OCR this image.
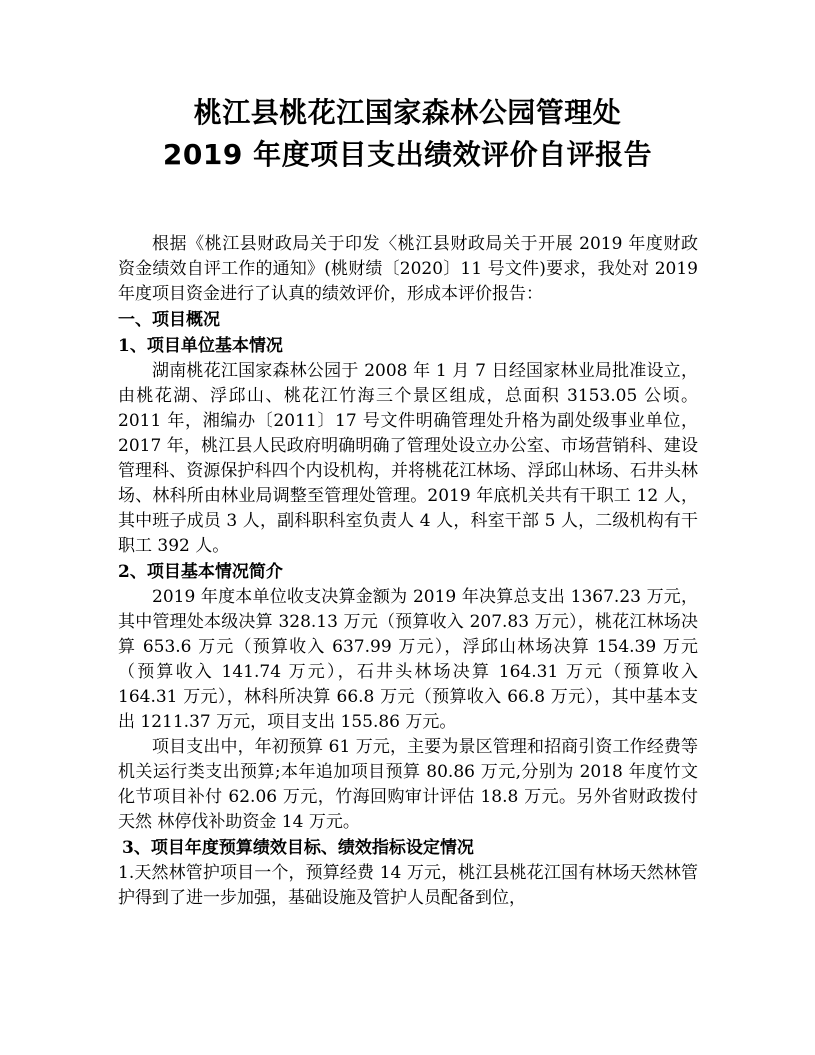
桃江县桃花江国家森林公园管理处
2019 年度项目支出绩效评价自评报告

根据《桃江县财政局关于印发〈桃江县财政局关于开展 2019 年度财政资金绩效自评工作的通知》(桃财绩〔2020〕11 号文件)要求，我处对 2019 年度项目资金进行了认真的绩效评价，形成本评价报告：

一、项目概况
1、项目单位基本情况

湖南桃花江国家森林公园于 2008 年 1 月 7 日经国家林业局批准设立，由桃花湖、浮邱山、桃花江竹海三个景区组成，总面积 3153.05 公顷。2011 年，湘编办〔2011〕17 号文件明确管理处升格为副处级事业单位， 2017 年，桃江县人民政府明确明确了管理处设立办公室、市场营销科、建设管理科、资源保护科四个内设机构，并将桃花江林场、浮邱山林场、石井头林场、林科所由林业局调整至管理处管理。2019 年底机关共有干职工 12 人，其中班子成员 3 人，副科职科室负责人 4 人，科室干部 5 人，二级机构有干职工 392 人。

2、项目基本情况简介

2019 年度本单位收支决算金额为 2019 年决算总支出 1367.23 万元，其中管理处本级决算 328.13 万元（预算收入 207.83 万元），桃花江林场决算 653.6 万元（预算收入 637.99 万元），浮邱山林场决算 154.39 万元（预算收入 141.74 万元），石井头林场决算 164.31 万元（预算收入 164.31 万元），林科所决算 66.8 万元（预算收入 66.8 万元），其中基本支出 1211.37 万元，项目支出 155.86 万元。

项目支出中，年初预算 61 万元，主要为景区管理和招商引资工作经费等机关运行类支出预算;本年追加项目预算 80.86 万元,分别为 2018 年度竹文化节项目补付 62.06 万元，竹海回购审计评估 18.8 万元。另外省财政拨付天然 林停伐补助资金 14 万元。

3、项目年度预算绩效目标、绩效指标设定情况

1.天然林管护项目一个，预算经费 14 万元，桃江县桃花江国有林场天然林管护得到了进一步加强，基础设施及管护人员配备到位，
